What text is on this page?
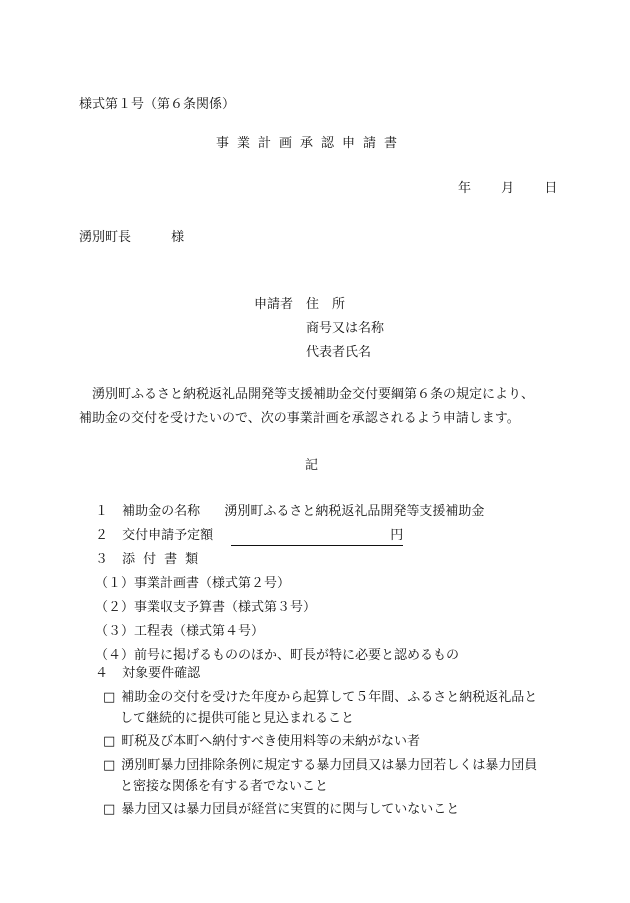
様式第１号（第６条関係）
事業計画承認申請書
年 月 日
湧別町長	様
申請者 住　所
商号又は名称
代表者氏名
湧別町ふるさと納税返礼品開発等支援補助金交付要綱第６条の規定により、
補助金の交付を受けたいので、次の事業計画を承認されるよう申請します。
記
１ 補助金の名称 湧別町ふるさと納税返礼品開発等支援補助金
２ 交付申請予定額	円
３ 添付書類
（１）事業計画書（様式第２号）
（２）事業収支予算書（様式第３号）
（３）工程表（様式第４号）
（４）前号に掲げるもののほか、町長が特に必要と認めるもの
４ 対象要件確認
□ 補助金の交付を受けた年度から起算して５年間、ふるさと納税返礼品と
して継続的に提供可能と見込まれること
□ 町税及び本町へ納付すべき使用料等の未納がない者
□ 湧別町暴力団排除条例に規定する暴力団員又は暴力団若しくは暴力団員
と密接な関係を有する者でないこと
□ 暴力団又は暴力団員が経営に実質的に関与していないこと
